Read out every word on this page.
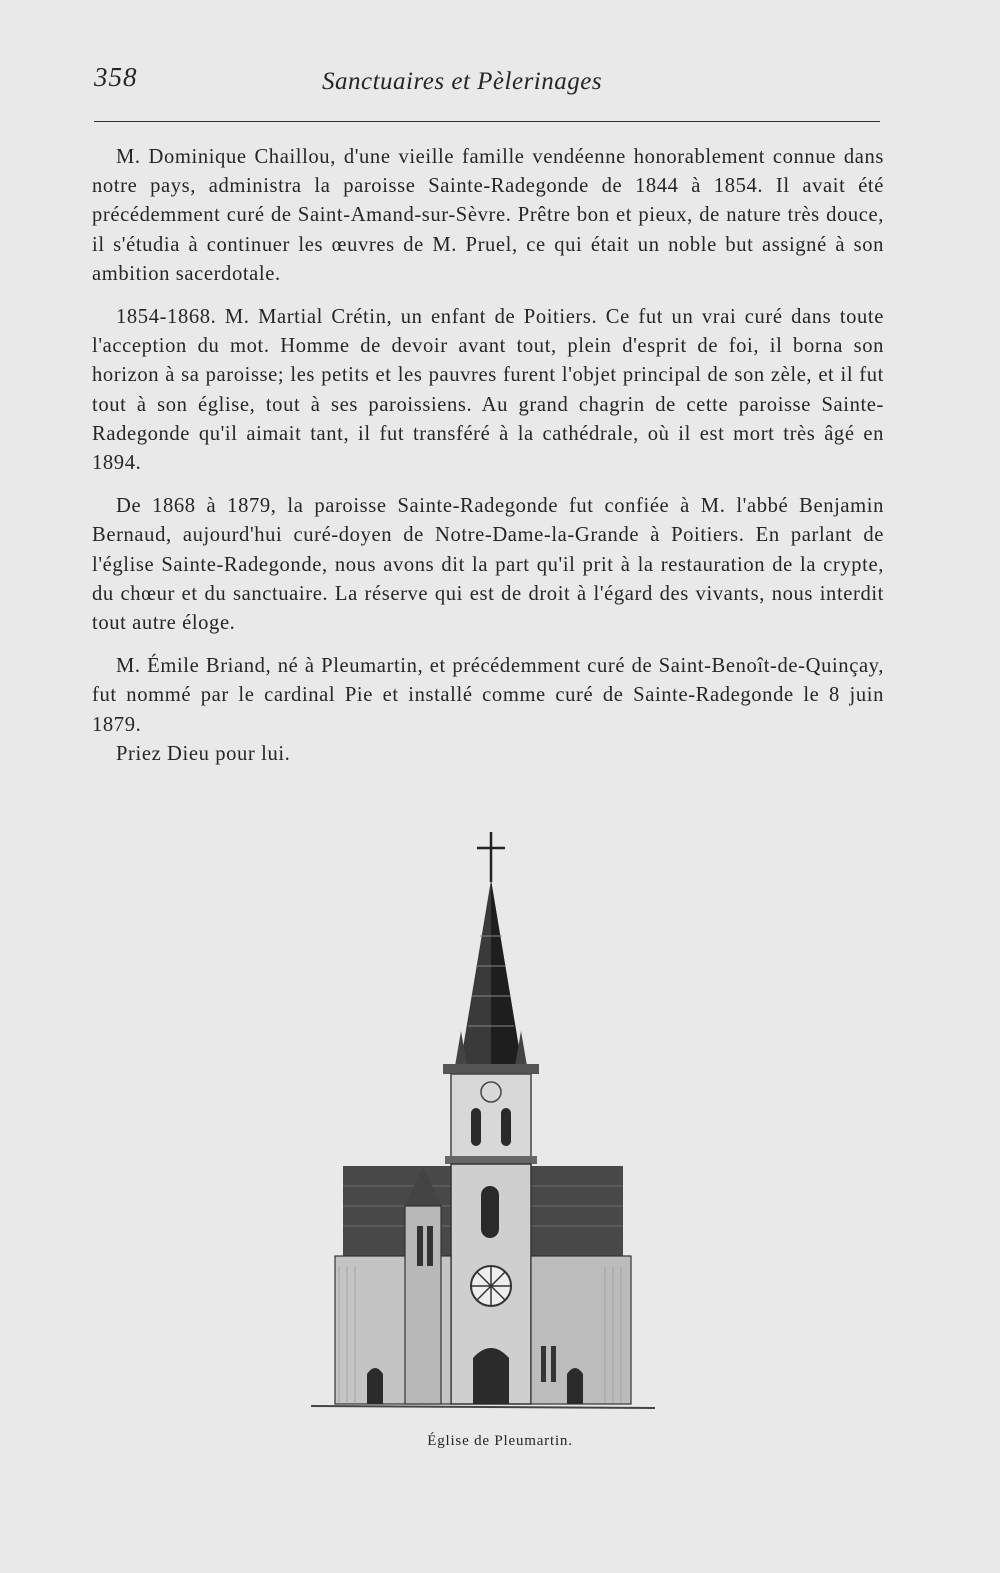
358	Sanctuaires et Pèlerinages

M. Dominique Chaillou, d'une vieille famille vendéenne honorablement connue dans notre pays, administra la paroisse Sainte-Radegonde de 1844 à 1854. Il avait été précédemment curé de Saint-Amand-sur-Sèvre. Prêtre bon et pieux, de nature très douce, il s'étudia à continuer les œuvres de M. Pruel, ce qui était un noble but assigné à son ambition sacerdotale.

1854-1868. M. Martial Crétin, un enfant de Poitiers. Ce fut un vrai curé dans toute l'acception du mot. Homme de devoir avant tout, plein d'esprit de foi, il borna son horizon à sa paroisse; les petits et les pauvres furent l'objet principal de son zèle, et il fut tout à son église, tout à ses paroissiens. Au grand chagrin de cette paroisse Sainte-Radegonde qu'il aimait tant, il fut transféré à la cathédrale, où il est mort très âgé en 1894.

De 1868 à 1879, la paroisse Sainte-Radegonde fut confiée à M. l'abbé Benjamin Bernaud, aujourd'hui curé-doyen de Notre-Dame-la-Grande à Poitiers. En parlant de l'église Sainte-Radegonde, nous avons dit la part qu'il prit à la restauration de la crypte, du chœur et du sanctuaire. La réserve qui est de droit à l'égard des vivants, nous interdit tout autre éloge.

M. Émile Briand, né à Pleumartin, et précédemment curé de Saint-Benoît-de-Quinçay, fut nommé par le cardinal Pie et installé comme curé de Sainte-Radegonde le 8 juin 1879.

Priez Dieu pour lui.

Église de Pleumartin.
